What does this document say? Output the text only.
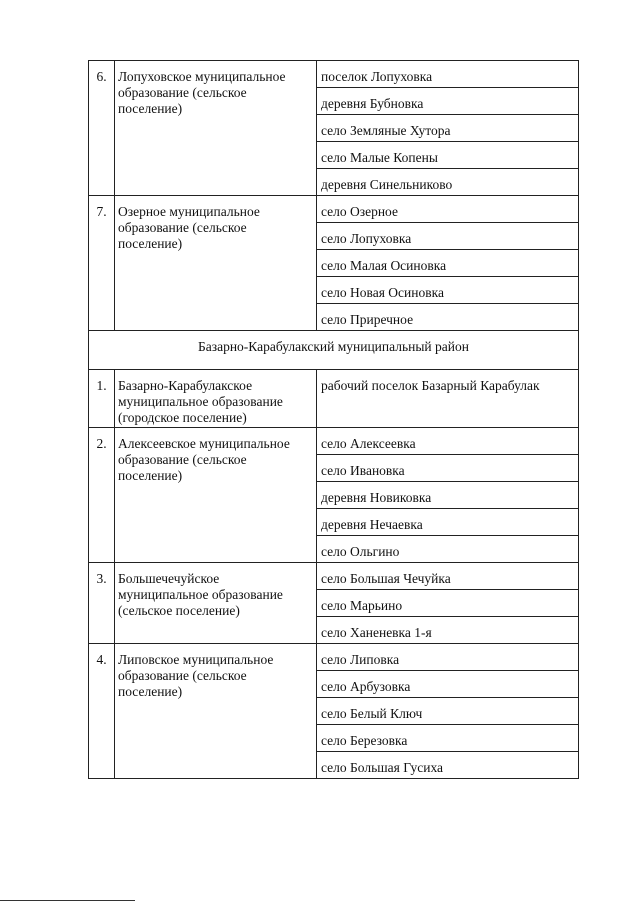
6.	Лопуховское муниципальное образование (сельское поселение)	поселок Лопуховка
		деревня Бубновка
		село Земляные Хутора
		село Малые Копены
		деревня Синельниково
7.	Озерное муниципальное образование (сельское поселение)	село Озерное
		село Лопуховка
		село Малая Осиновка
		село Новая Осиновка
		село Приречное
Базарно-Карабулакский муниципальный район		
1.	Базарно-Карабулакское муниципальное образование (городское поселение)	рабочий поселок Базарный Карабулак
2.	Алексеевское муниципальное образование (сельское поселение)	село Алексеевка
		село Ивановка
		деревня Новиковка
		деревня Нечаевка
		село Ольгино
3.	Большечечуйское муниципальное образование (сельское поселение)	село Большая Чечуйка
		село Марьино
		село Ханеневка 1-я
4.	Липовское муниципальное образование (сельское поселение)	село Липовка
		село Арбузовка
		село Белый Ключ
		село Березовка
		село Большая Гусиха
